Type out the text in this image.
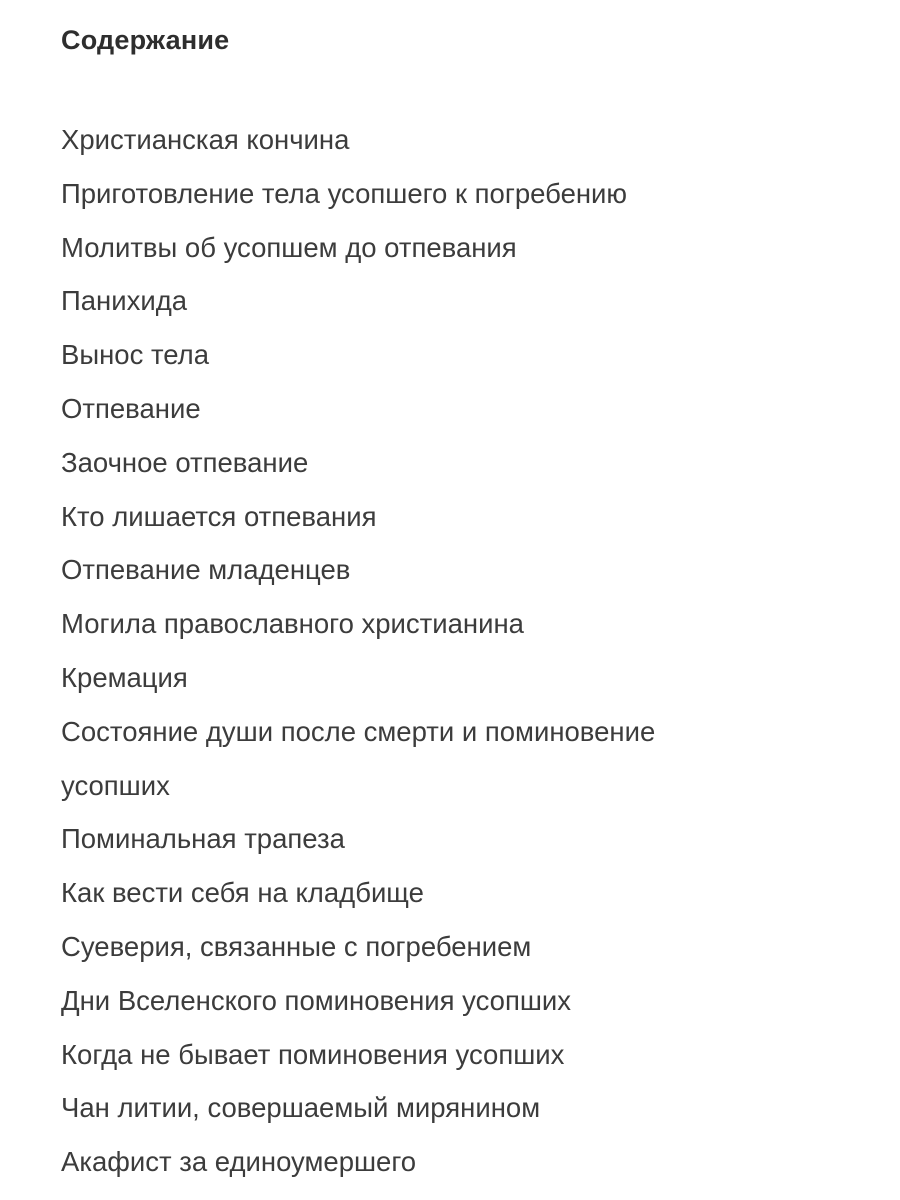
Содержание
Христианская кончина
Приготовление тела усопшего к погребению
Молитвы об усопшем до отпевания
Панихида
Вынос тела
Отпевание
Заочное отпевание
Кто лишается отпевания
Отпевание младенцев
Могила православного христианина
Кремация
Состояние души после смерти и поминовение усопших
Поминальная трапеза
Как вести себя на кладбище
Суеверия, связанные с погребением
Дни Вселенского поминовения усопших
Когда не бывает поминовения усопших
Чан литии, совершаемый мирянином
Акафист за единоумершего
